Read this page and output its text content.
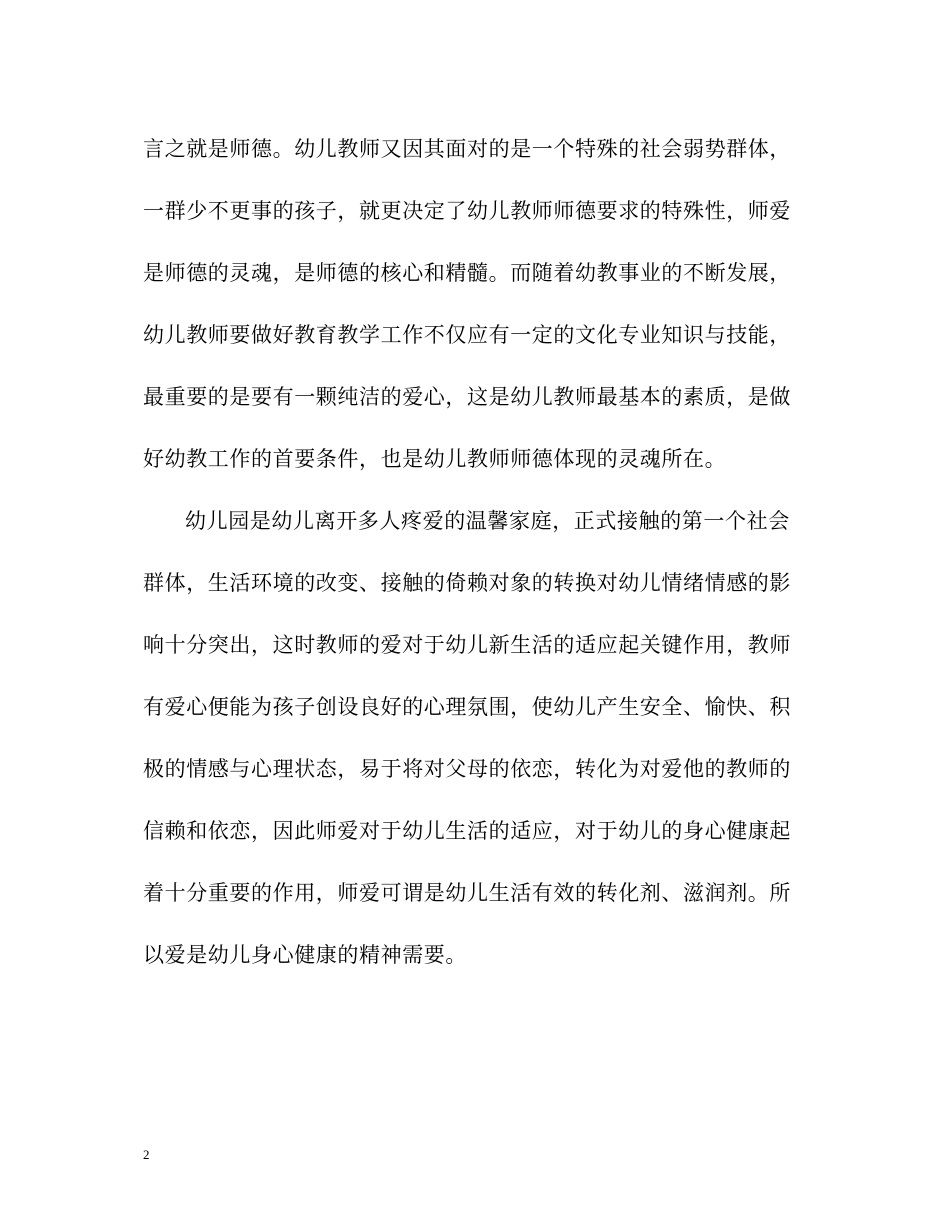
言之就是师德。幼儿教师又因其面对的是一个特殊的社会弱势群体，
一群少不更事的孩子，就更决定了幼儿教师师德要求的特殊性，师爱
是师德的灵魂，是师德的核心和精髓。而随着幼教事业的不断发展，
幼儿教师要做好教育教学工作不仅应有一定的文化专业知识与技能，
最重要的是要有一颗纯洁的爱心，这是幼儿教师最基本的素质，是做
好幼教工作的首要条件，也是幼儿教师师德体现的灵魂所在。
幼儿园是幼儿离开多人疼爱的温馨家庭，正式接触的第一个社会
群体，生活环境的改变、接触的倚赖对象的转换对幼儿情绪情感的影
响十分突出，这时教师的爱对于幼儿新生活的适应起关键作用，教师
有爱心便能为孩子创设良好的心理氛围，使幼儿产生安全、愉快、积
极的情感与心理状态，易于将对父母的依恋，转化为对爱他的教师的
信赖和依恋，因此师爱对于幼儿生活的适应，对于幼儿的身心健康起
着十分重要的作用，师爱可谓是幼儿生活有效的转化剂、滋润剂。所
以爱是幼儿身心健康的精神需要。
2
